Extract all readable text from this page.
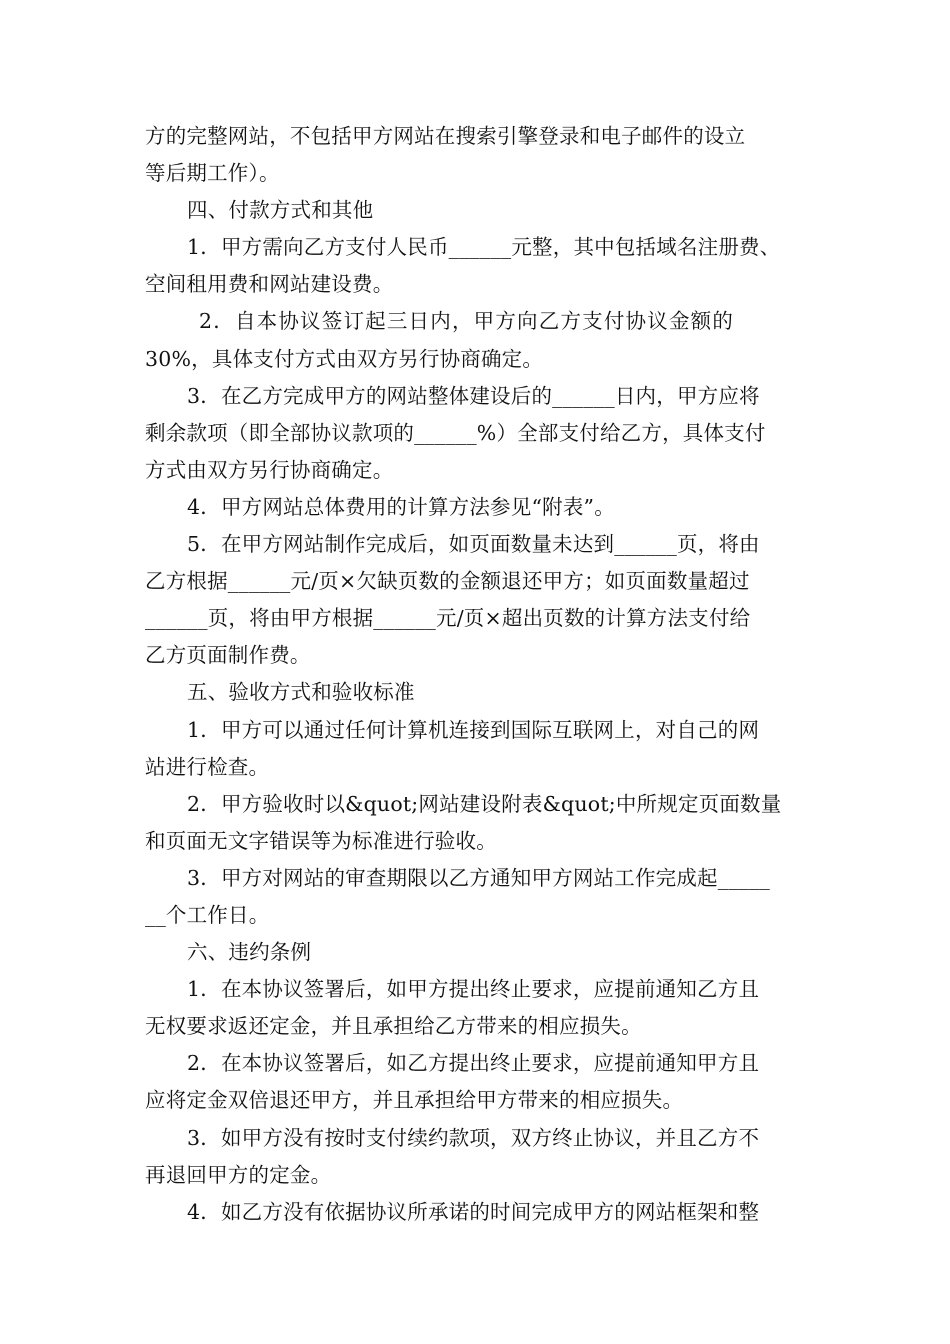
方的完整网站，不包括甲方网站在搜索引擎登录和电子邮件的设立
等后期工作）。
四、付款方式和其他
1．甲方需向乙方支付人民币______元整，其中包括域名注册费、
空间租用费和网站建设费。
2．自本协议签订起三日内，甲方向乙方支付协议金额的
30%，具体支付方式由双方另行协商确定。
3．在乙方完成甲方的网站整体建设后的______日内，甲方应将
剩余款项（即全部协议款项的______%）全部支付给乙方，具体支付
方式由双方另行协商确定。
4．甲方网站总体费用的计算方法参见“附表”。
5．在甲方网站制作完成后，如页面数量未达到______页，将由
乙方根据______元/页×欠缺页数的金额退还甲方；如页面数量超过
______页，将由甲方根据______元/页×超出页数的计算方法支付给
乙方页面制作费。
五、验收方式和验收标准
1．甲方可以通过任何计算机连接到国际互联网上，对自己的网
站进行检查。
2．甲方验收时以&quot;网站建设附表&quot;中所规定页面数量
和页面无文字错误等为标准进行验收。
3．甲方对网站的审查期限以乙方通知甲方网站工作完成起_____
__个工作日。
六、违约条例
1．在本协议签署后，如甲方提出终止要求，应提前通知乙方且
无权要求返还定金，并且承担给乙方带来的相应损失。
2．在本协议签署后，如乙方提出终止要求，应提前通知甲方且
应将定金双倍退还甲方，并且承担给甲方带来的相应损失。
3．如甲方没有按时支付续约款项，双方终止协议，并且乙方不
再退回甲方的定金。
4．如乙方没有依据协议所承诺的时间完成甲方的网站框架和整
